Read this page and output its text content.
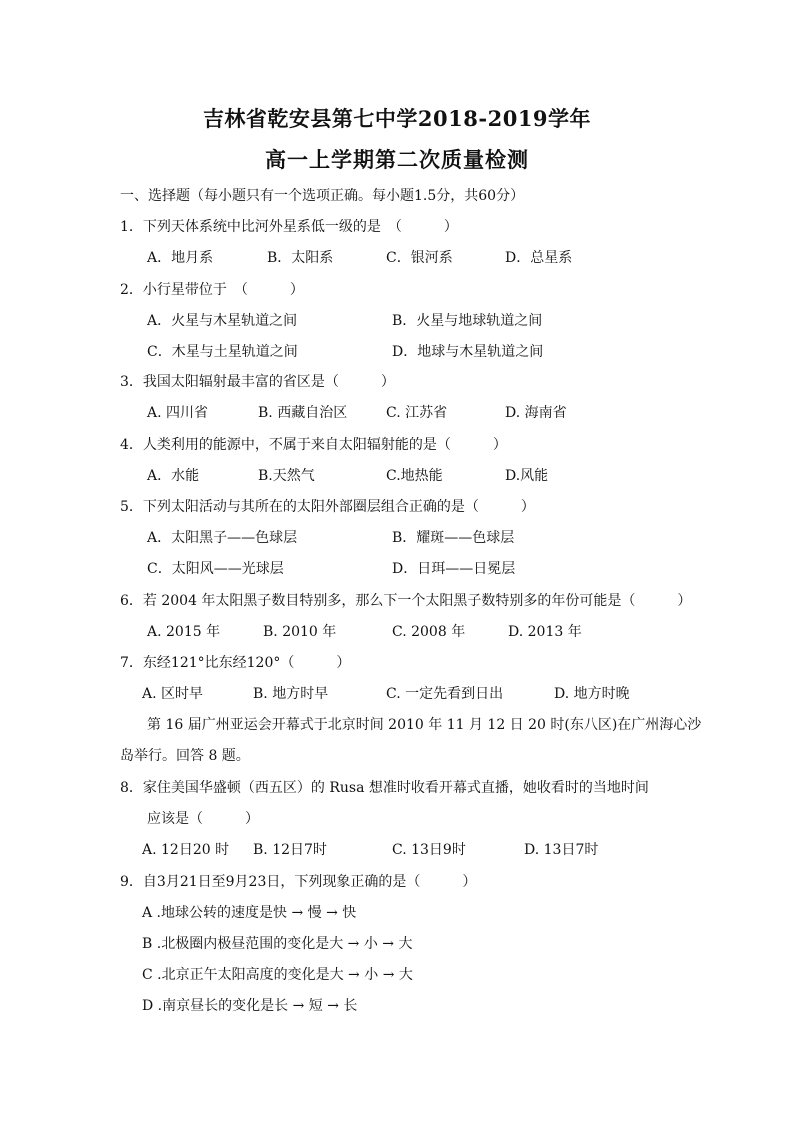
吉林省乾安县第七中学2018-2019学年
高一上学期第二次质量检测
一、选择题（每小题只有一个选项正确。每小题1.5分，共60分）
1．下列天体系统中比河外星系低一级的是　（　　　）
A．地月系	B．太阳系	C．银河系	D．总星系
2．小行星带位于　（　　　）
A．火星与木星轨道之间	B．火星与地球轨道之间
C．木星与土星轨道之间	D．地球与木星轨道之间
3．我国太阳辐射最丰富的省区是（　　　）
A. 四川省	B. 西藏自治区	C. 江苏省	D. 海南省
4．人类利用的能源中，不属于来自太阳辐射能的是（　　　）
A．水能	B.天然气	C.地热能	D.风能
5．下列太阳活动与其所在的太阳外部圈层组合正确的是（　　　）
A．太阳黑子——色球层	B．耀斑——色球层
C．太阳风——光球层	D．日珥——日冕层
6．若 2004 年太阳黑子数目特别多，那么下一个太阳黑子数特别多的年份可能是（　　　）
A. 2015 年	B. 2010 年	C. 2008 年	D. 2013 年
7．东经121°比东经120°（　　　）
A. 区时早	B. 地方时早	C. 一定先看到日出	D. 地方时晚
第 16 届广州亚运会开幕式于北京时间 2010 年 11 月 12 日 20 时(东八区)在广州海心沙
岛举行。回答 8 题。
8．家住美国华盛顿（西五区）的 Rusa 想准时收看开幕式直播，她收看时的当地时间
应该是（　　　）
A. 12日20 时 B. 12日7时	C. 13日9时	D. 13日7时
9．自3月21日至9月23日，下列现象正确的是（　　　）
A .地球公转的速度是快 → 慢 → 快
B .北极圈内极昼范围的变化是大 → 小 → 大
C .北京正午太阳高度的变化是大 → 小 → 大
D .南京昼长的变化是长 → 短 → 长
